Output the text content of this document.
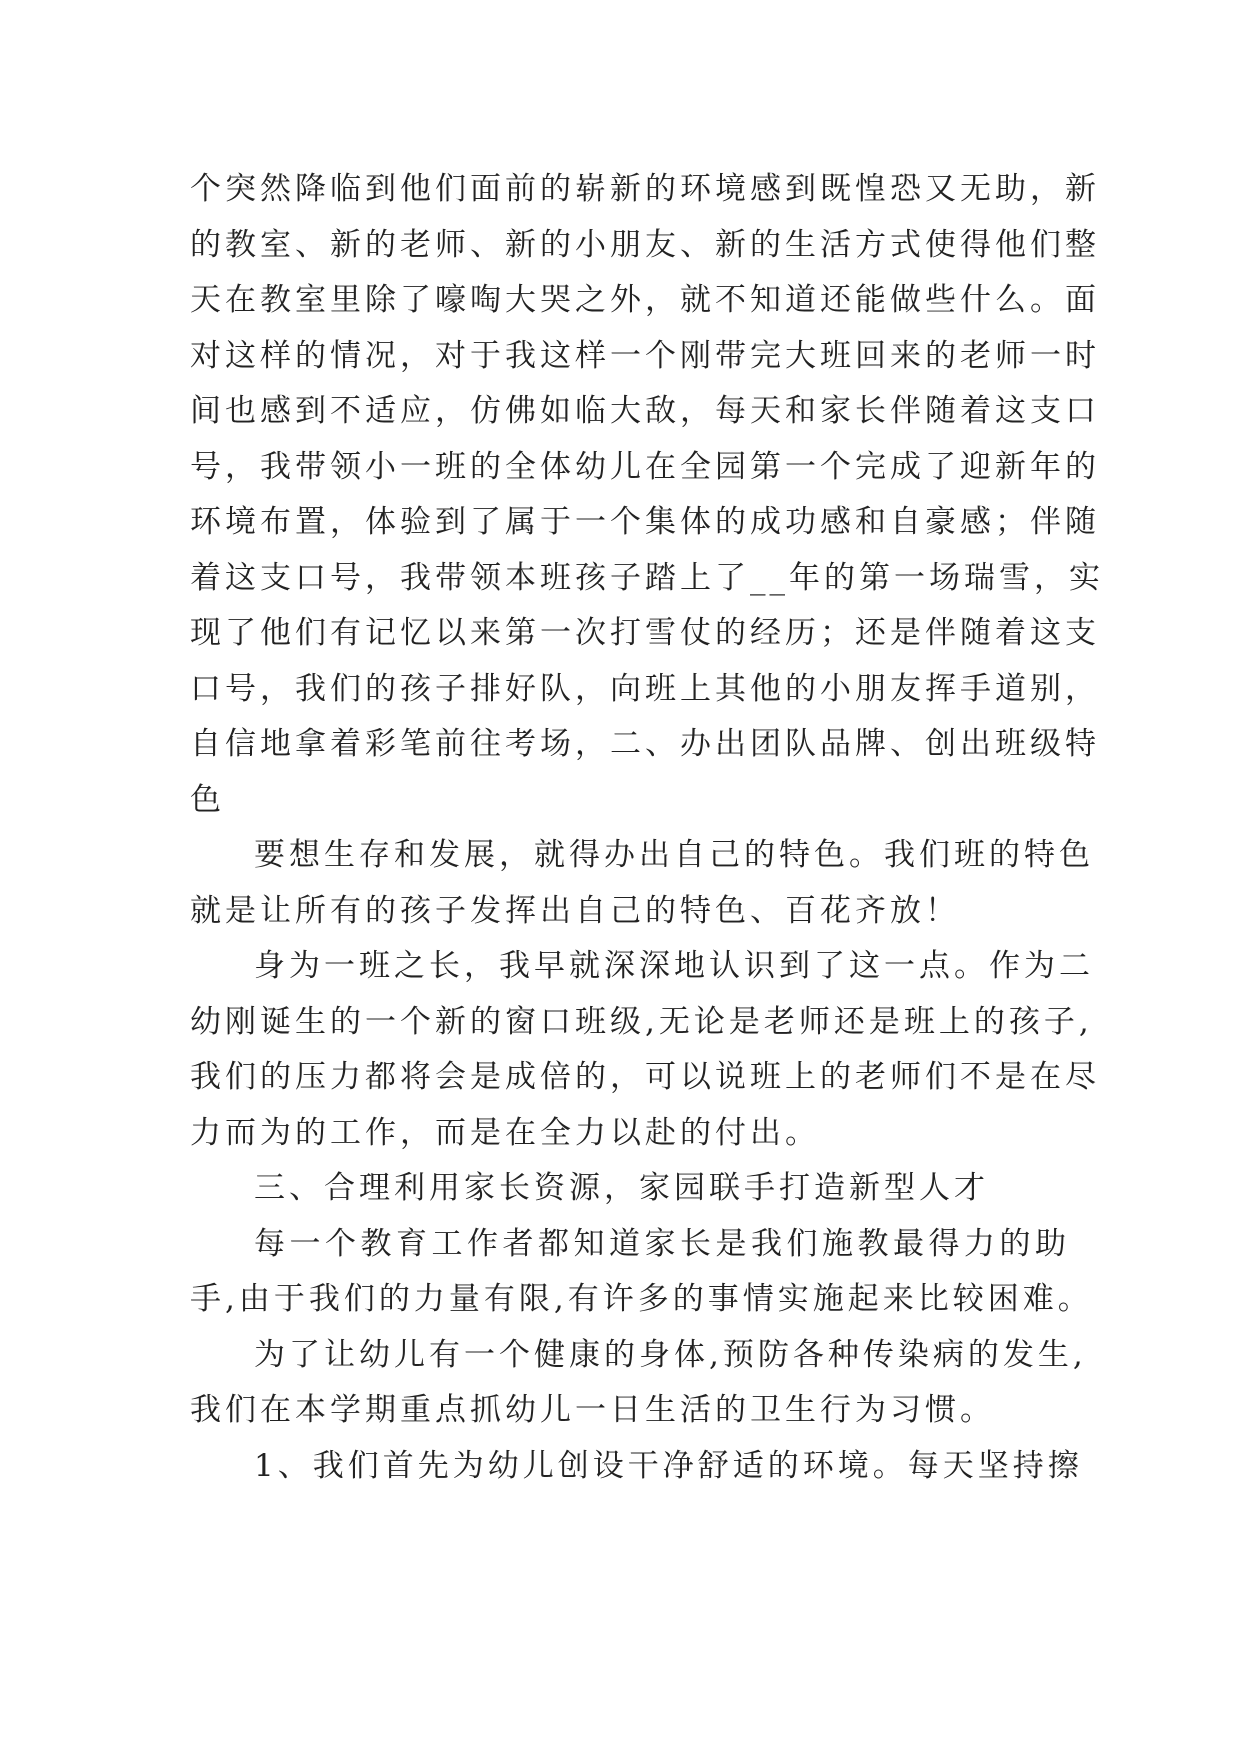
个突然降临到他们面前的崭新的环境感到既惶恐又无助，新
的教室、新的老师、新的小朋友、新的生活方式使得他们整
天在教室里除了嚎啕大哭之外，就不知道还能做些什么。面
对这样的情况，对于我这样一个刚带完大班回来的老师一时
间也感到不适应，仿佛如临大敌，每天和家长伴随着这支口
号，我带领小一班的全体幼儿在全园第一个完成了迎新年的
环境布置，体验到了属于一个集体的成功感和自豪感；伴随
着这支口号，我带领本班孩子踏上了__年的第一场瑞雪，实
现了他们有记忆以来第一次打雪仗的经历；还是伴随着这支
口号，我们的孩子排好队，向班上其他的小朋友挥手道别，
自信地拿着彩笔前往考场，二、办出团队品牌、创出班级特
色

要想生存和发展，就得办出自己的特色。我们班的特色
就是让所有的孩子发挥出自己的特色、百花齐放！

身为一班之长，我早就深深地认识到了这一点。作为二
幼刚诞生的一个新的窗口班级,无论是老师还是班上的孩子,
我们的压力都将会是成倍的，可以说班上的老师们不是在尽
力而为的工作，而是在全力以赴的付出。

三、合理利用家长资源，家园联手打造新型人才

每一个教育工作者都知道家长是我们施教最得力的助
手,由于我们的力量有限,有许多的事情实施起来比较困难。

为了让幼儿有一个健康的身体,预防各种传染病的发生,
我们在本学期重点抓幼儿一日生活的卫生行为习惯。

1、我们首先为幼儿创设干净舒适的环境。每天坚持擦
